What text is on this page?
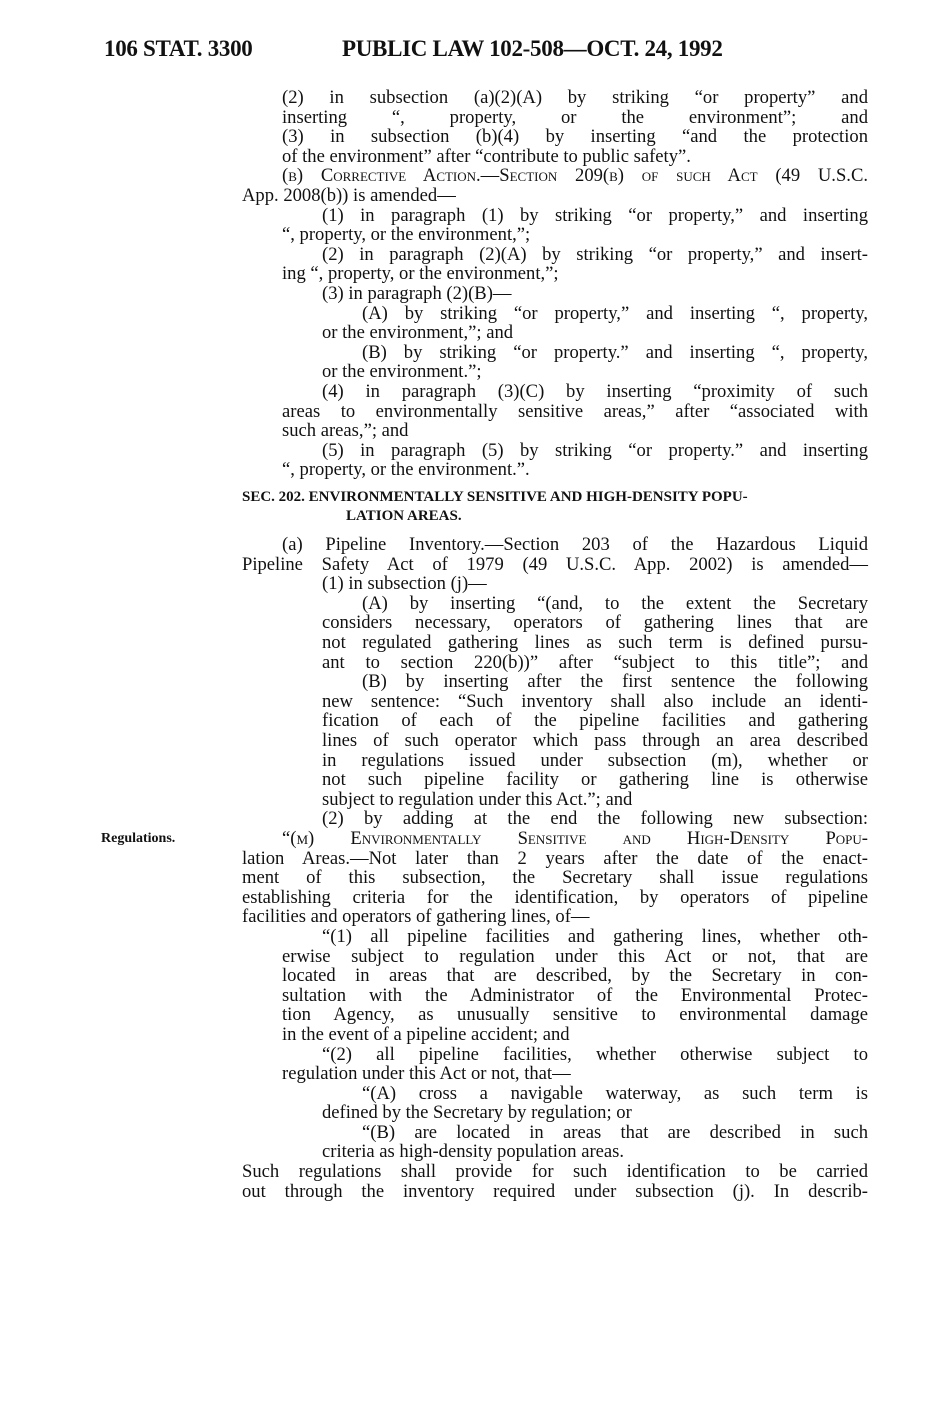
106 STAT. 3300	PUBLIC LAW 102-508—OCT. 24, 1992
Regulations.
(2) in subsection (a)(2)(A) by striking “or property” and
inserting “, property, or the environment”; and
(3) in subsection (b)(4) by inserting “and the protection
of the environment” after “contribute to public safety”.
(b) Corrective Action.—Section 209(b) of such Act (49 U.S.C.
App. 2008(b)) is amended—
(1) in paragraph (1) by striking “or property,” and inserting
“, property, or the environment,”;
(2) in paragraph (2)(A) by striking “or property,” and insert-
ing “, property, or the environment,”;
(3) in paragraph (2)(B)—
(A) by striking “or property,” and inserting “, property,
or the environment,”; and
(B) by striking “or property.” and inserting “, property,
or the environment.”;
(4) in paragraph (3)(C) by inserting “proximity of such
areas to environmentally sensitive areas,” after “associated with
such areas,”; and
(5) in paragraph (5) by striking “or property.” and inserting
“, property, or the environment.”.
SEC. 202. ENVIRONMENTALLY SENSITIVE AND HIGH-DENSITY POPU-
LATION AREAS.
(a) Pipeline Inventory.—Section 203 of the Hazardous Liquid
Pipeline Safety Act of 1979 (49 U.S.C. App. 2002) is amended—
(1) in subsection (j)—
(A) by inserting “(and, to the extent the Secretary
considers necessary, operators of gathering lines that are
not regulated gathering lines as such term is defined pursu-
ant to section 220(b))” after “subject to this title”; and
(B) by inserting after the first sentence the following
new sentence: “Such inventory shall also include an identi-
fication of each of the pipeline facilities and gathering
lines of such operator which pass through an area described
in regulations issued under subsection (m), whether or
not such pipeline facility or gathering line is otherwise
subject to regulation under this Act.”; and
(2) by adding at the end the following new subsection:
“(m) Environmentally Sensitive and High-Density Popu-
lation Areas.—Not later than 2 years after the date of the enact-
ment of this subsection, the Secretary shall issue regulations
establishing criteria for the identification, by operators of pipeline
facilities and operators of gathering lines, of—
“(1) all pipeline facilities and gathering lines, whether oth-
erwise subject to regulation under this Act or not, that are
located in areas that are described, by the Secretary in con-
sultation with the Administrator of the Environmental Protec-
tion Agency, as unusually sensitive to environmental damage
in the event of a pipeline accident; and
“(2) all pipeline facilities, whether otherwise subject to
regulation under this Act or not, that—
“(A) cross a navigable waterway, as such term is
defined by the Secretary by regulation; or
“(B) are located in areas that are described in such
criteria as high-density population areas.
Such regulations shall provide for such identification to be carried
out through the inventory required under subsection (j). In describ-
